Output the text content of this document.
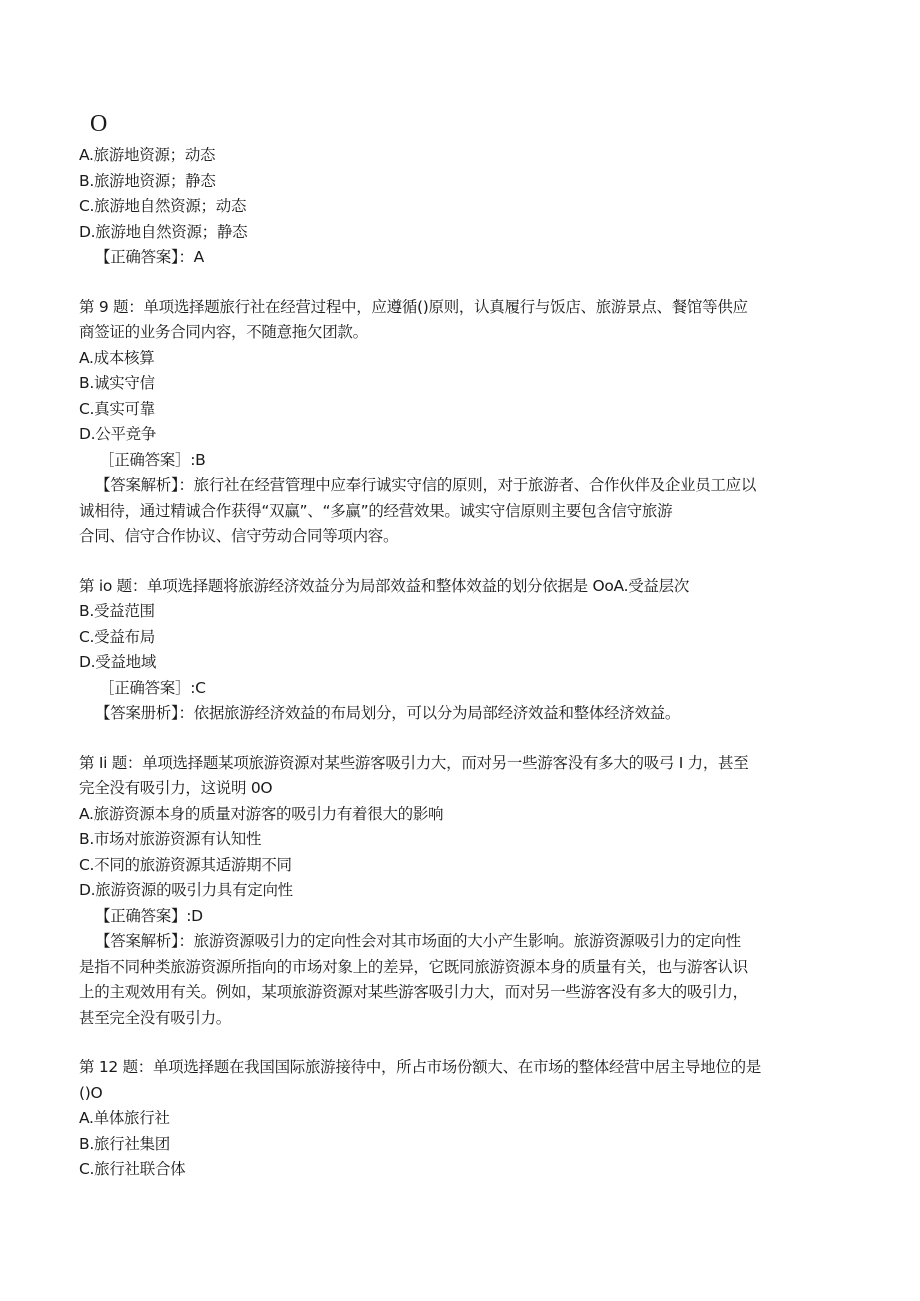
O
A.旅游地资源；动态
B.旅游地资源；静态
C.旅游地自然资源；动态
D.旅游地自然资源；静态
【正确答案】：A
第 9 题：单项选择题旅行社在经营过程中，应遵循()原则，认真履行与饭店、旅游景点、餐馆等供应
商签证的业务合同内容，不随意拖欠团款。
A.成本核算
B.诚实守信
C.真实可靠
D.公平竞争
［正确答案］:B
【答案解析】：旅行社在经营管理中应奉行诚实守信的原则，对于旅游者、合作伙伴及企业员工应以
诚相待，通过精诚合作获得“双赢”、“多赢”的经营效果。诚实守信原则主要包含信守旅游
合同、信守合作协议、信守劳动合同等项内容。
第 io 题：单项选择题将旅游经济效益分为局部效益和整体效益的划分依据是 OoA.受益层次
B.受益范围
C.受益布局
D.受益地域
［正确答案］:C
【答案册析】：依据旅游经济效益的布局划分，可以分为局部经济效益和整体经济效益。
第 Ii 题：单项选择题某项旅游资源对某些游客吸引力大，而对另一些游客没有多大的吸弓 I 力，甚至
完全没有吸引力，这说明 0O
A.旅游资源本身的质量对游客的吸引力有着很大的影响
B.市场对旅游资源有认知性
C.不同的旅游资源其适游期不同
D.旅游资源的吸引力具有定向性
【正确答案】:D
【答案解析】：旅游资源吸引力的定向性会对其市场面的大小产生影响。旅游资源吸引力的定向性
是指不同种类旅游资源所指向的市场对象上的差异，它既同旅游资源本身的质量有关，也与游客认识
上的主观效用有关。例如，某项旅游资源对某些游客吸引力大，而对另一些游客没有多大的吸引力，
甚至完全没有吸引力。
第 12 题：单项选择题在我国国际旅游接待中，所占市场份额大、在市场的整体经营中居主导地位的是
()O
A.单体旅行社
B.旅行社集团
C.旅行社联合体
